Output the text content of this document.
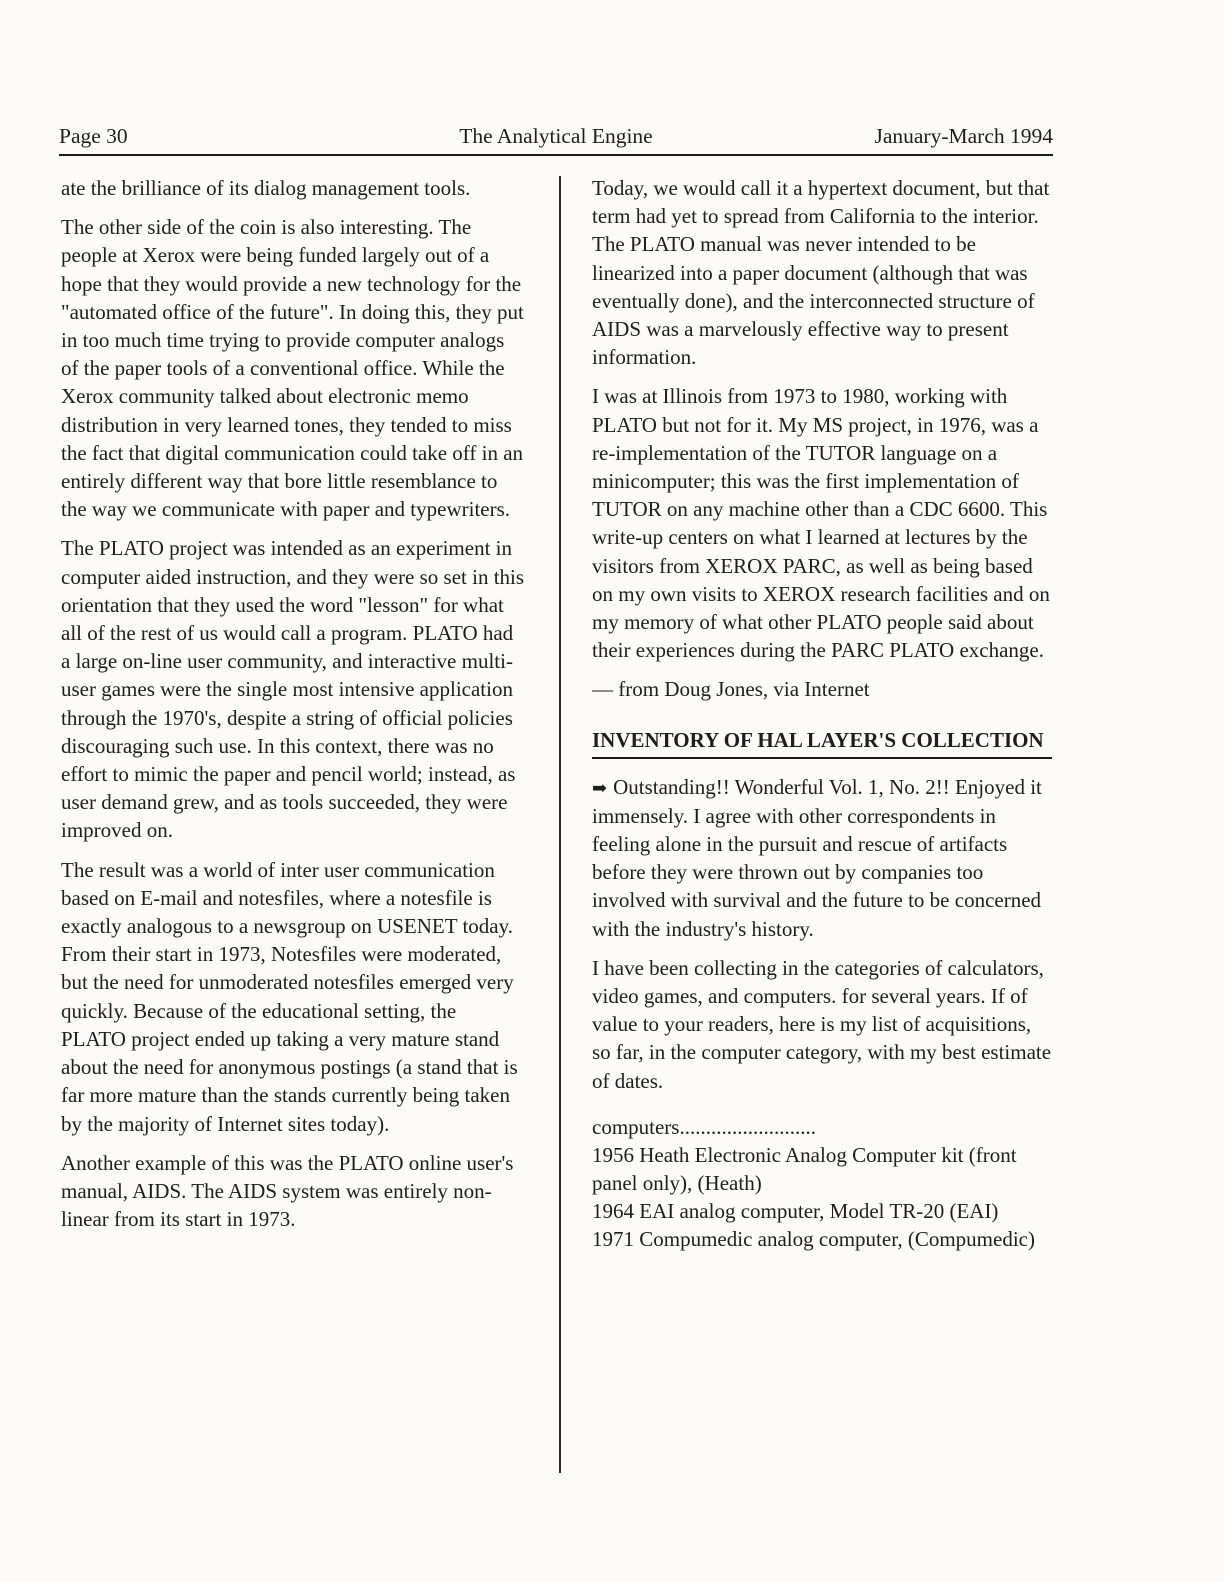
Page 30	The Analytical Engine	January-March 1994

ate the brilliance of its dialog management tools.

The other side of the coin is also interesting. The people at Xerox were being funded largely out of a hope that they would provide a new technology for the "automated office of the future". In doing this, they put in too much time trying to provide computer analogs of the paper tools of a conventional office. While the Xerox community talked about electronic memo distribution in very learned tones, they tended to miss the fact that digital communication could take off in an entirely different way that bore little resemblance to the way we communicate with paper and typewriters.

The PLATO project was intended as an experiment in computer aided instruction, and they were so set in this orientation that they used the word "lesson" for what all of the rest of us would call a program. PLATO had a large on-line user community, and interactive multi-user games were the single most intensive application through the 1970's, despite a string of official policies discouraging such use. In this context, there was no effort to mimic the paper and pencil world; instead, as user demand grew, and as tools succeeded, they were improved on.

The result was a world of inter user communication based on E-mail and notesfiles, where a notesfile is exactly analogous to a newsgroup on USENET today. From their start in 1973, Notesfiles were moderated, but the need for unmoderated notesfiles emerged very quickly. Because of the educational setting, the PLATO project ended up taking a very mature stand about the need for anonymous postings (a stand that is far more mature than the stands currently being taken by the majority of Internet sites today).

Another example of this was the PLATO online user's manual, AIDS. The AIDS system was entirely non-linear from its start in 1973.

Today, we would call it a hypertext document, but that term had yet to spread from California to the interior. The PLATO manual was never intended to be linearized into a paper document (although that was eventually done), and the interconnected structure of AIDS was a marvelously effective way to present information.

I was at Illinois from 1973 to 1980, working with PLATO but not for it. My MS project, in 1976, was a re-implementation of the TUTOR language on a minicomputer; this was the first implementation of TUTOR on any machine other than a CDC 6600. This write-up centers on what I learned at lectures by the visitors from XEROX PARC, as well as being based on my own visits to XEROX research facilities and on my memory of what other PLATO people said about their experiences during the PARC PLATO exchange.

— from Doug Jones, via Internet

INVENTORY OF HAL LAYER'S COLLECTION

➡ Outstanding!! Wonderful Vol. 1, No. 2!! Enjoyed it immensely. I agree with other correspondents in feeling alone in the pursuit and rescue of artifacts before they were thrown out by companies too involved with survival and the future to be concerned with the industry's history.

I have been collecting in the categories of calculators, video games, and computers. for several years. If of value to your readers, here is my list of acquisitions, so far, in the computer category, with my best estimate of dates.

computers..........................
1956 Heath Electronic Analog Computer kit (front panel only), (Heath)
1964 EAI analog computer, Model TR-20 (EAI)
1971 Compumedic analog computer, (Compumedic)
